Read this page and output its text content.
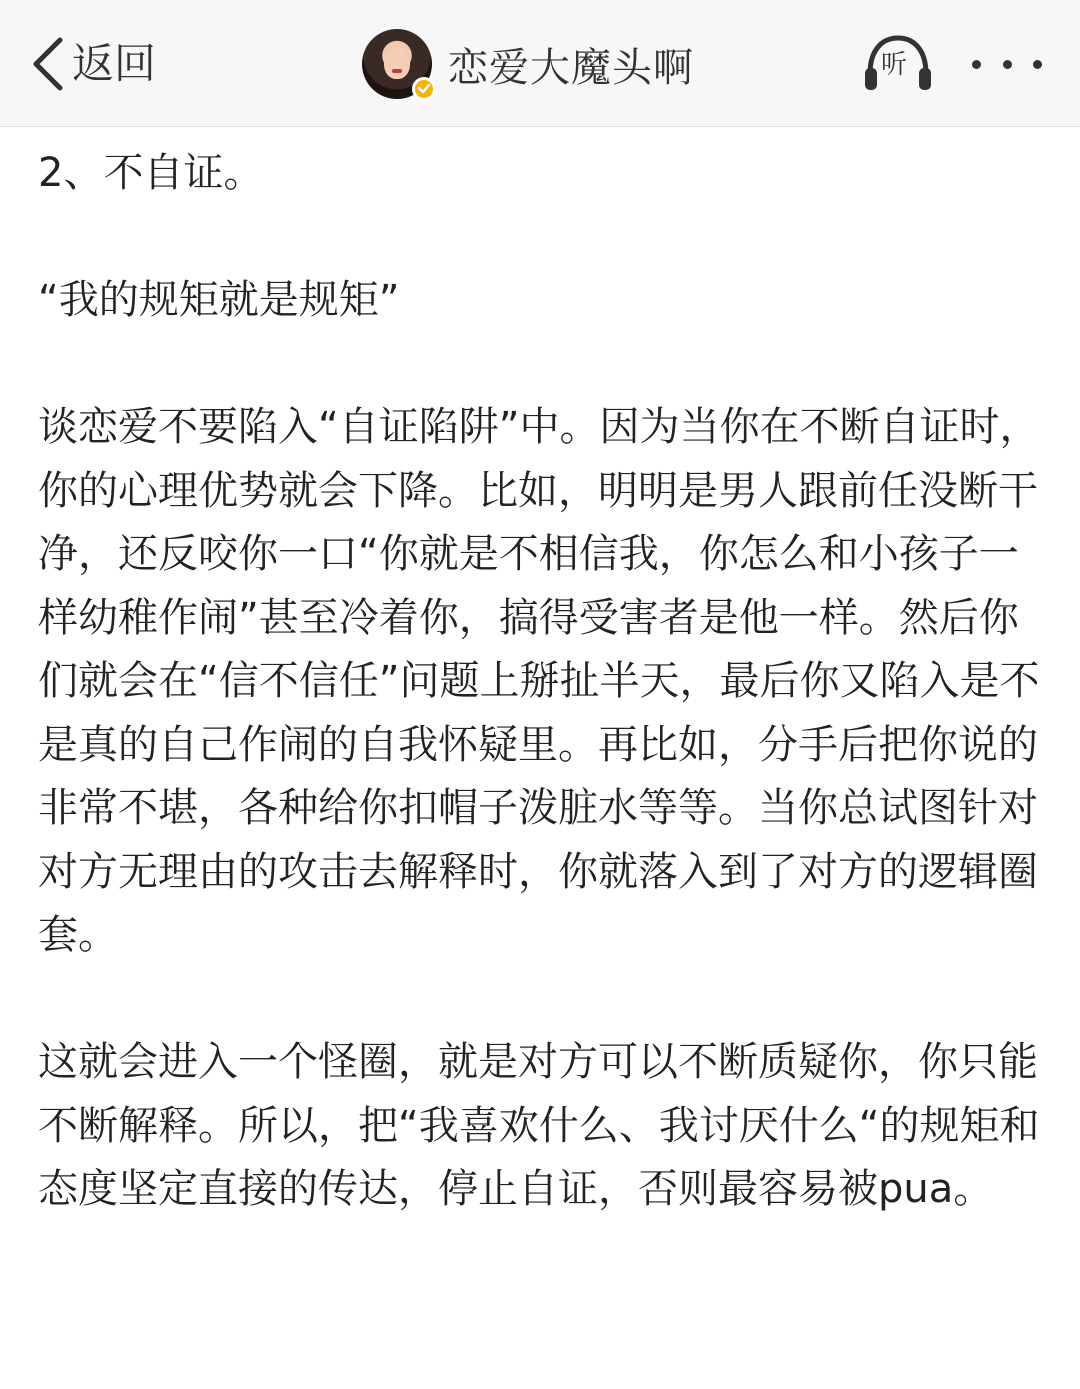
返回	恋爱大魔头啊	听

2、不自证。

“我的规矩就是规矩”

谈恋爱不要陷入“自证陷阱”中。因为当你在不断自证时，你的心理优势就会下降。比如，明明是男人跟前任没断干净，还反咬你一口“你就是不相信我，你怎么和小孩子一样幼稚作闹”甚至冷着你，搞得受害者是他一样。然后你们就会在“信不信任”问题上掰扯半天，最后你又陷入是不是真的自己作闹的自我怀疑里。再比如，分手后把你说的非常不堪，各种给你扣帽子泼脏水等等。当你总试图针对对方无理由的攻击去解释时，你就落入到了对方的逻辑圈套。

这就会进入一个怪圈，就是对方可以不断质疑你，你只能不断解释。所以，把“我喜欢什么、我讨厌什么“的规矩和态度坚定直接的传达，停止自证，否则最容易被pua。
